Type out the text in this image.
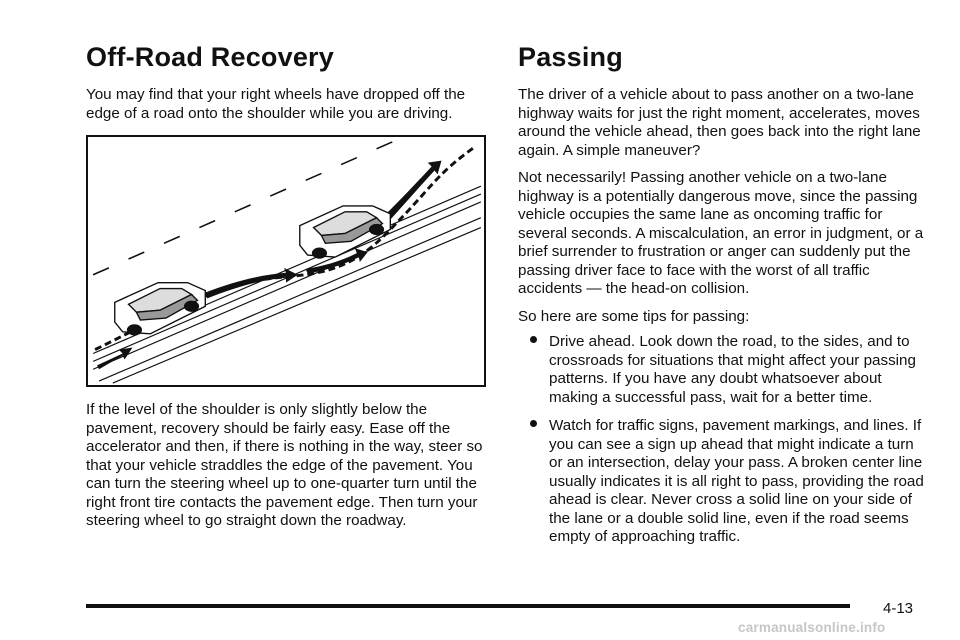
Off-Road Recovery

You may find that your right wheels have dropped off the edge of a road onto the shoulder while you are driving.

If the level of the shoulder is only slightly below the pavement, recovery should be fairly easy. Ease off the accelerator and then, if there is nothing in the way, steer so that your vehicle straddles the edge of the pavement. You can turn the steering wheel up to one-quarter turn until the right front tire contacts the pavement edge. Then turn your steering wheel to go straight down the roadway.

Passing

The driver of a vehicle about to pass another on a two-lane highway waits for just the right moment, accelerates, moves around the vehicle ahead, then goes back into the right lane again. A simple maneuver?

Not necessarily! Passing another vehicle on a two-lane highway is a potentially dangerous move, since the passing vehicle occupies the same lane as oncoming traffic for several seconds. A miscalculation, an error in judgment, or a brief surrender to frustration or anger can suddenly put the passing driver face to face with the worst of all traffic accidents — the head-on collision.

So here are some tips for passing:

Drive ahead. Look down the road, to the sides, and to crossroads for situations that might affect your passing patterns. If you have any doubt whatsoever about making a successful pass, wait for a better time.
Watch for traffic signs, pavement markings, and lines. If you can see a sign up ahead that might indicate a turn or an intersection, delay your pass. A broken center line usually indicates it is all right to pass, providing the road ahead is clear. Never cross a solid line on your side of the lane or a double solid line, even if the road seems empty of approaching traffic.
4-13
carmanualsonline.info
